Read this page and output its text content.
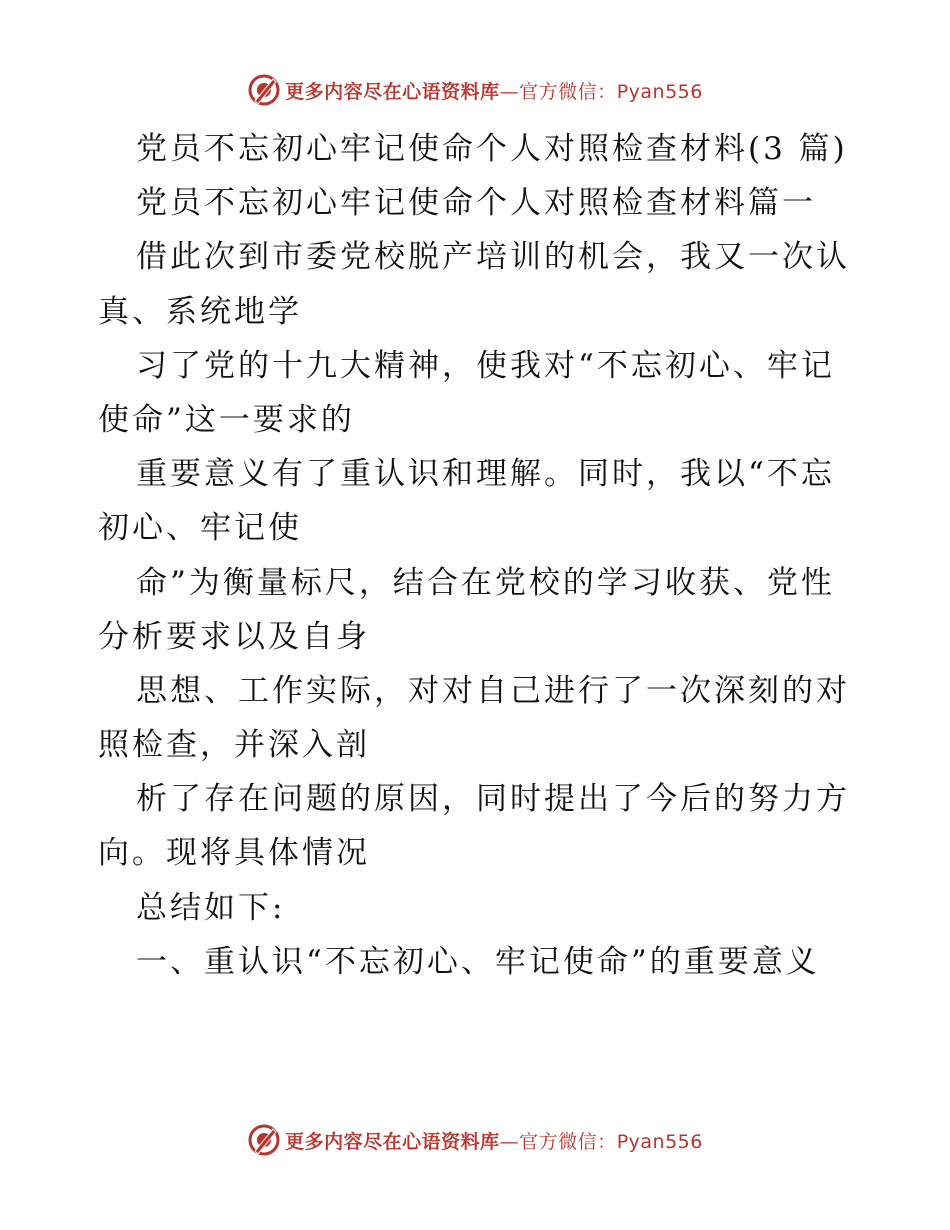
更多内容尽在心语资料库—官方微信：Pyan556
党员不忘初心牢记使命个人对照检查材料(3 篇)
党员不忘初心牢记使命个人对照检查材料篇一
借此次到市委党校脱产培训的机会，我又一次认
真、系统地学
习了党的十九大精神，使我对“不忘初心、牢记
使命”这一要求的
重要意义有了重认识和理解。同时，我以“不忘
初心、牢记使
命”为衡量标尺，结合在党校的学习收获、党性
分析要求以及自身
思想、工作实际，对对自己进行了一次深刻的对
照检查，并深入剖
析了存在问题的原因，同时提出了今后的努力方
向。现将具体情况
总结如下:
一、重认识“不忘初心、牢记使命”的重要意义
更多内容尽在心语资料库—官方微信：Pyan556
